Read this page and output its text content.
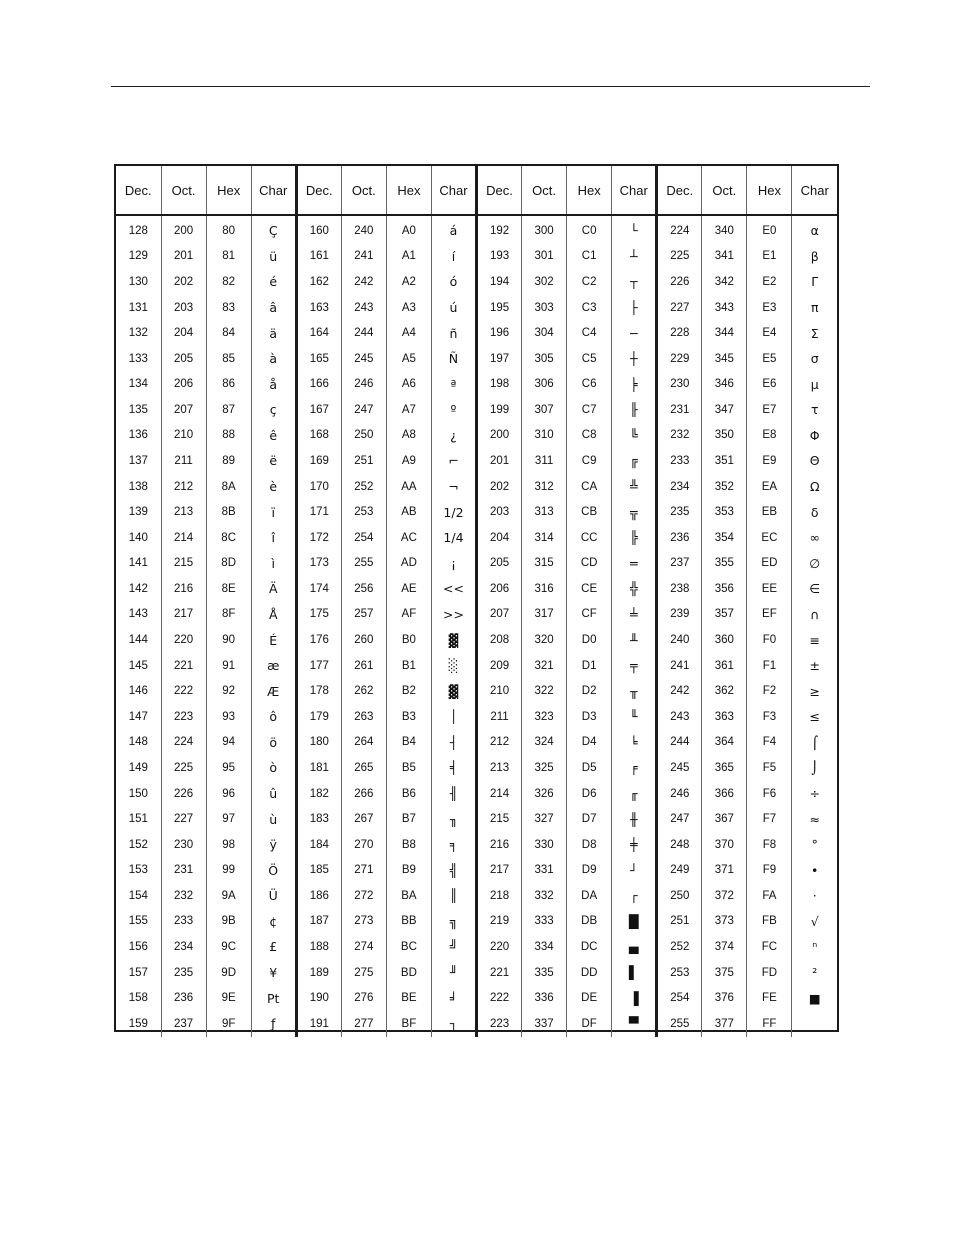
Dec.	Oct.	Hex	Char	Dec.	Oct.	Hex	Char	Dec.	Oct.	Hex	Char	Dec.	Oct.	Hex	Char
128	200	80	Ç	160	240	A0	á	192	300	C0	└	224	340	E0	α
129	201	81	ü	161	241	A1	í	193	301	C1	┴	225	341	E1	β
130	202	82	é	162	242	A2	ó	194	302	C2	┬	226	342	E2	Γ
131	203	83	â	163	243	A3	ú	195	303	C3	├	227	343	E3	π
132	204	84	ä	164	244	A4	ñ	196	304	C4	─	228	344	E4	Σ
133	205	85	à	165	245	A5	Ñ	197	305	C5	┼	229	345	E5	σ
134	206	86	å	166	246	A6	ª	198	306	C6	╞	230	346	E6	µ
135	207	87	ç	167	247	A7	º	199	307	C7	╟	231	347	E7	τ
136	210	88	ê	168	250	A8	¿	200	310	C8	╚	232	350	E8	Φ
137	211	89	ë	169	251	A9	⌐	201	311	C9	╔	233	351	E9	Θ
138	212	8A	è	170	252	AA	¬	202	312	CA	╩	234	352	EA	Ω
139	213	8B	ï	171	253	AB	1/2	203	313	CB	╦	235	353	EB	δ
140	214	8C	î	172	254	AC	1/4	204	314	CC	╠	236	354	EC	∞
141	215	8D	ì	173	255	AD	¡	205	315	CD	═	237	355	ED	∅
142	216	8E	Ä	174	256	AE	<<	206	316	CE	╬	238	356	EE	∈
143	217	8F	Å	175	257	AF	>>	207	317	CF	╧	239	357	EF	∩
144	220	90	É	176	260	B0	▓	208	320	D0	╨	240	360	F0	≡
145	221	91	æ	177	261	B1	░	209	321	D1	╤	241	361	F1	±
146	222	92	Æ	178	262	B2	▓	210	322	D2	╥	242	362	F2	≥
147	223	93	ô	179	263	B3	│	211	323	D3	╙	243	363	F3	≤
148	224	94	ö	180	264	B4	┤	212	324	D4	╘	244	364	F4	⌠
149	225	95	ò	181	265	B5	╡	213	325	D5	╒	245	365	F5	⌡
150	226	96	û	182	266	B6	╢	214	326	D6	╓	246	366	F6	÷
151	227	97	ù	183	267	B7	╖	215	327	D7	╫	247	367	F7	≈
152	230	98	ÿ	184	270	B8	╕	216	330	D8	╪	248	370	F8	°
153	231	99	Ö	185	271	B9	╣	217	331	D9	┘	249	371	F9	•
154	232	9A	Ü	186	272	BA	║	218	332	DA	┌	250	372	FA	·
155	233	9B	¢	187	273	BB	╗	219	333	DB	█	251	373	FB	√
156	234	9C	£	188	274	BC	╝	220	334	DC	▄	252	374	FC	ⁿ
157	235	9D	¥	189	275	BD	╜	221	335	DD	▌	253	375	FD	²
158	236	9E	Pt	190	276	BE	╛	222	336	DE	▐	254	376	FE	■
159	237	9F	ƒ	191	277	BF	┐	223	337	DF	▀	255	377	FF	
